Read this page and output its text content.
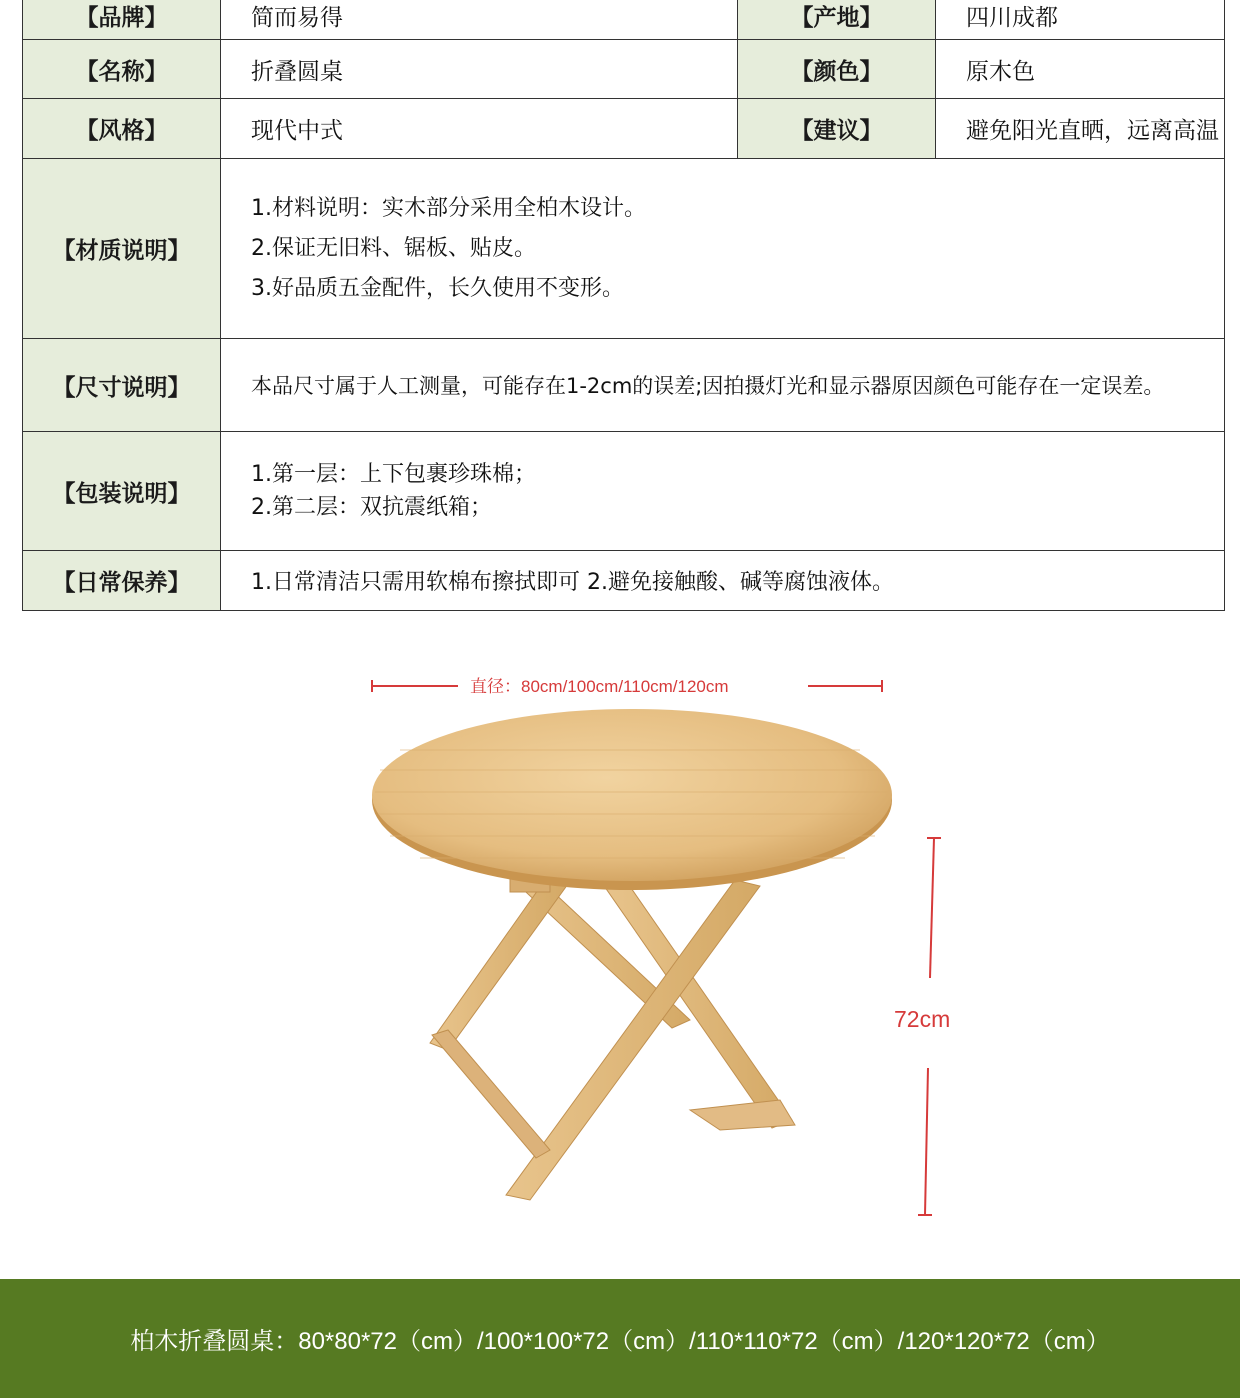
【品牌】	简而易得	【产地】	四川成都
【名称】	折叠圆桌	【颜色】	原木色
【风格】	现代中式	【建议】	避免阳光直晒，远离高温
【材质说明】	1.材料说明：实木部分采用全柏木设计。
2.保证无旧料、锯板、贴皮。
3.好品质五金配件，长久使用不变形。		

【尺寸说明】	本品尺寸属于人工测量，可能存在1-2cm的误差;因拍摄灯光和显示器原因颜色可能存在一定误差。		
【包装说明】	1.第一层：上下包裹珍珠棉；
2.第二层：双抗震纸箱；		

【日常保养】	1.日常清洁只需用软棉布擦拭即可 2.避免接触酸、碱等腐蚀液体。		
直径：80cm/100cm/110cm/120cm
72cm
柏木折叠圆桌：80*80*72（cm）/100*100*72（cm）/110*110*72（cm）/120*120*72（cm）
